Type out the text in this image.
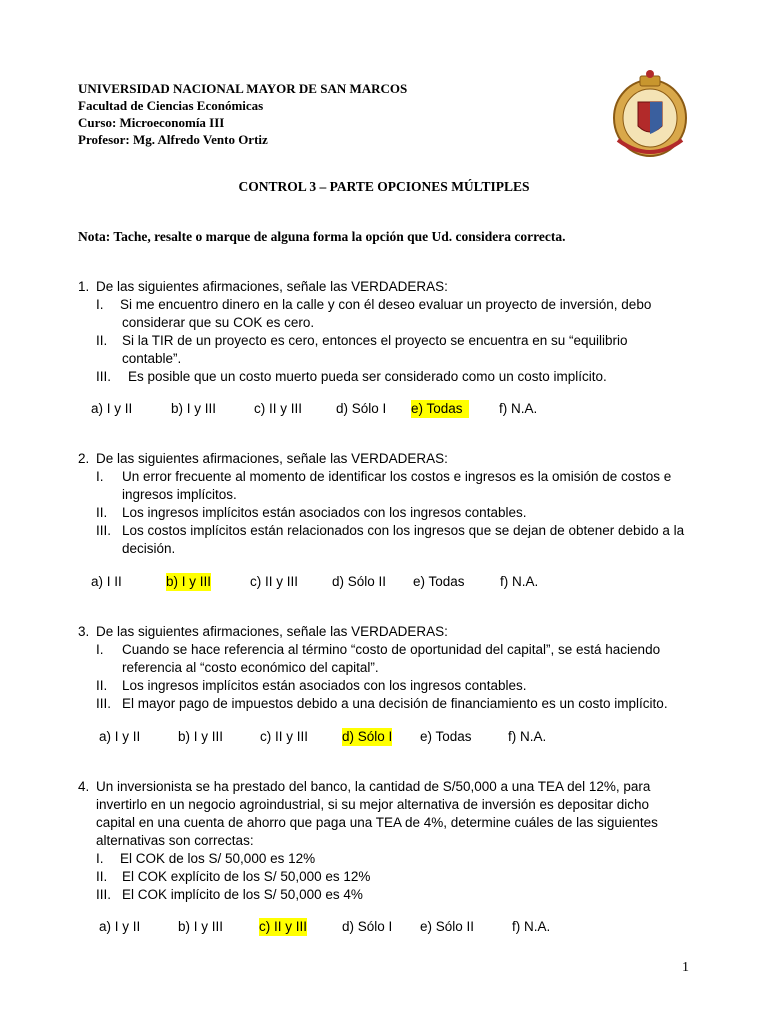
UNIVERSIDAD NACIONAL MAYOR DE SAN MARCOS
Facultad de Ciencias Económicas
Curso: Microeconomía III
Profesor: Mg. Alfredo Vento Ortiz
CONTROL 3 – PARTE OPCIONES MÚLTIPLES
Nota: Tache, resalte o marque de alguna forma la opción que Ud. considera correcta.
1. De las siguientes afirmaciones, señale las VERDADERAS:
I. Si me encuentro dinero en la calle y con él deseo evaluar un proyecto de inversión, debo
considerar que su COK es cero.
II. Si la TIR de un proyecto es cero, entonces el proyecto se encuentra en su “equilibrio
contable”.
III. Es posible que un costo muerto pueda ser considerado como un costo implícito.
a) I y II	b) I y III	c) II y III	d) Sólo I e) Todas	f) N.A.
2. De las siguientes afirmaciones, señale las VERDADERAS:
I. Un error frecuente al momento de identificar los costos e ingresos es la omisión de costos e
ingresos implícitos.
II. Los ingresos implícitos están asociados con los ingresos contables.
III. Los costos implícitos están relacionados con los ingresos que se dejan de obtener debido a la
decisión.
a) I II	b) I y III	c) II y III	d) Sólo II e) Todas	f) N.A.
3. De las siguientes afirmaciones, señale las VERDADERAS:
I. Cuando se hace referencia al término “costo de oportunidad del capital”, se está haciendo
referencia al “costo económico del capital”.
II. Los ingresos implícitos están asociados con los ingresos contables.
III. El mayor pago de impuestos debido a una decisión de financiamiento es un costo implícito.
a) I y II	b) I y III	c) II y III	d) Sólo I e) Todas	f) N.A.
4. Un inversionista se ha prestado del banco, la cantidad de S/50,000 a una TEA del 12%, para
invertirlo en un negocio agroindustrial, si su mejor alternativa de inversión es depositar dicho
capital en una cuenta de ahorro que paga una TEA de 4%, determine cuáles de las siguientes
alternativas son correctas:
I. El COK de los S/ 50,000 es 12%
II. El COK explícito de los S/ 50,000 es 12%
III. El COK implícito de los S/ 50,000 es 4%
a) I y II	b) I y III	c) II y III	d) Sólo I e) Sólo II	f) N.A.
1
